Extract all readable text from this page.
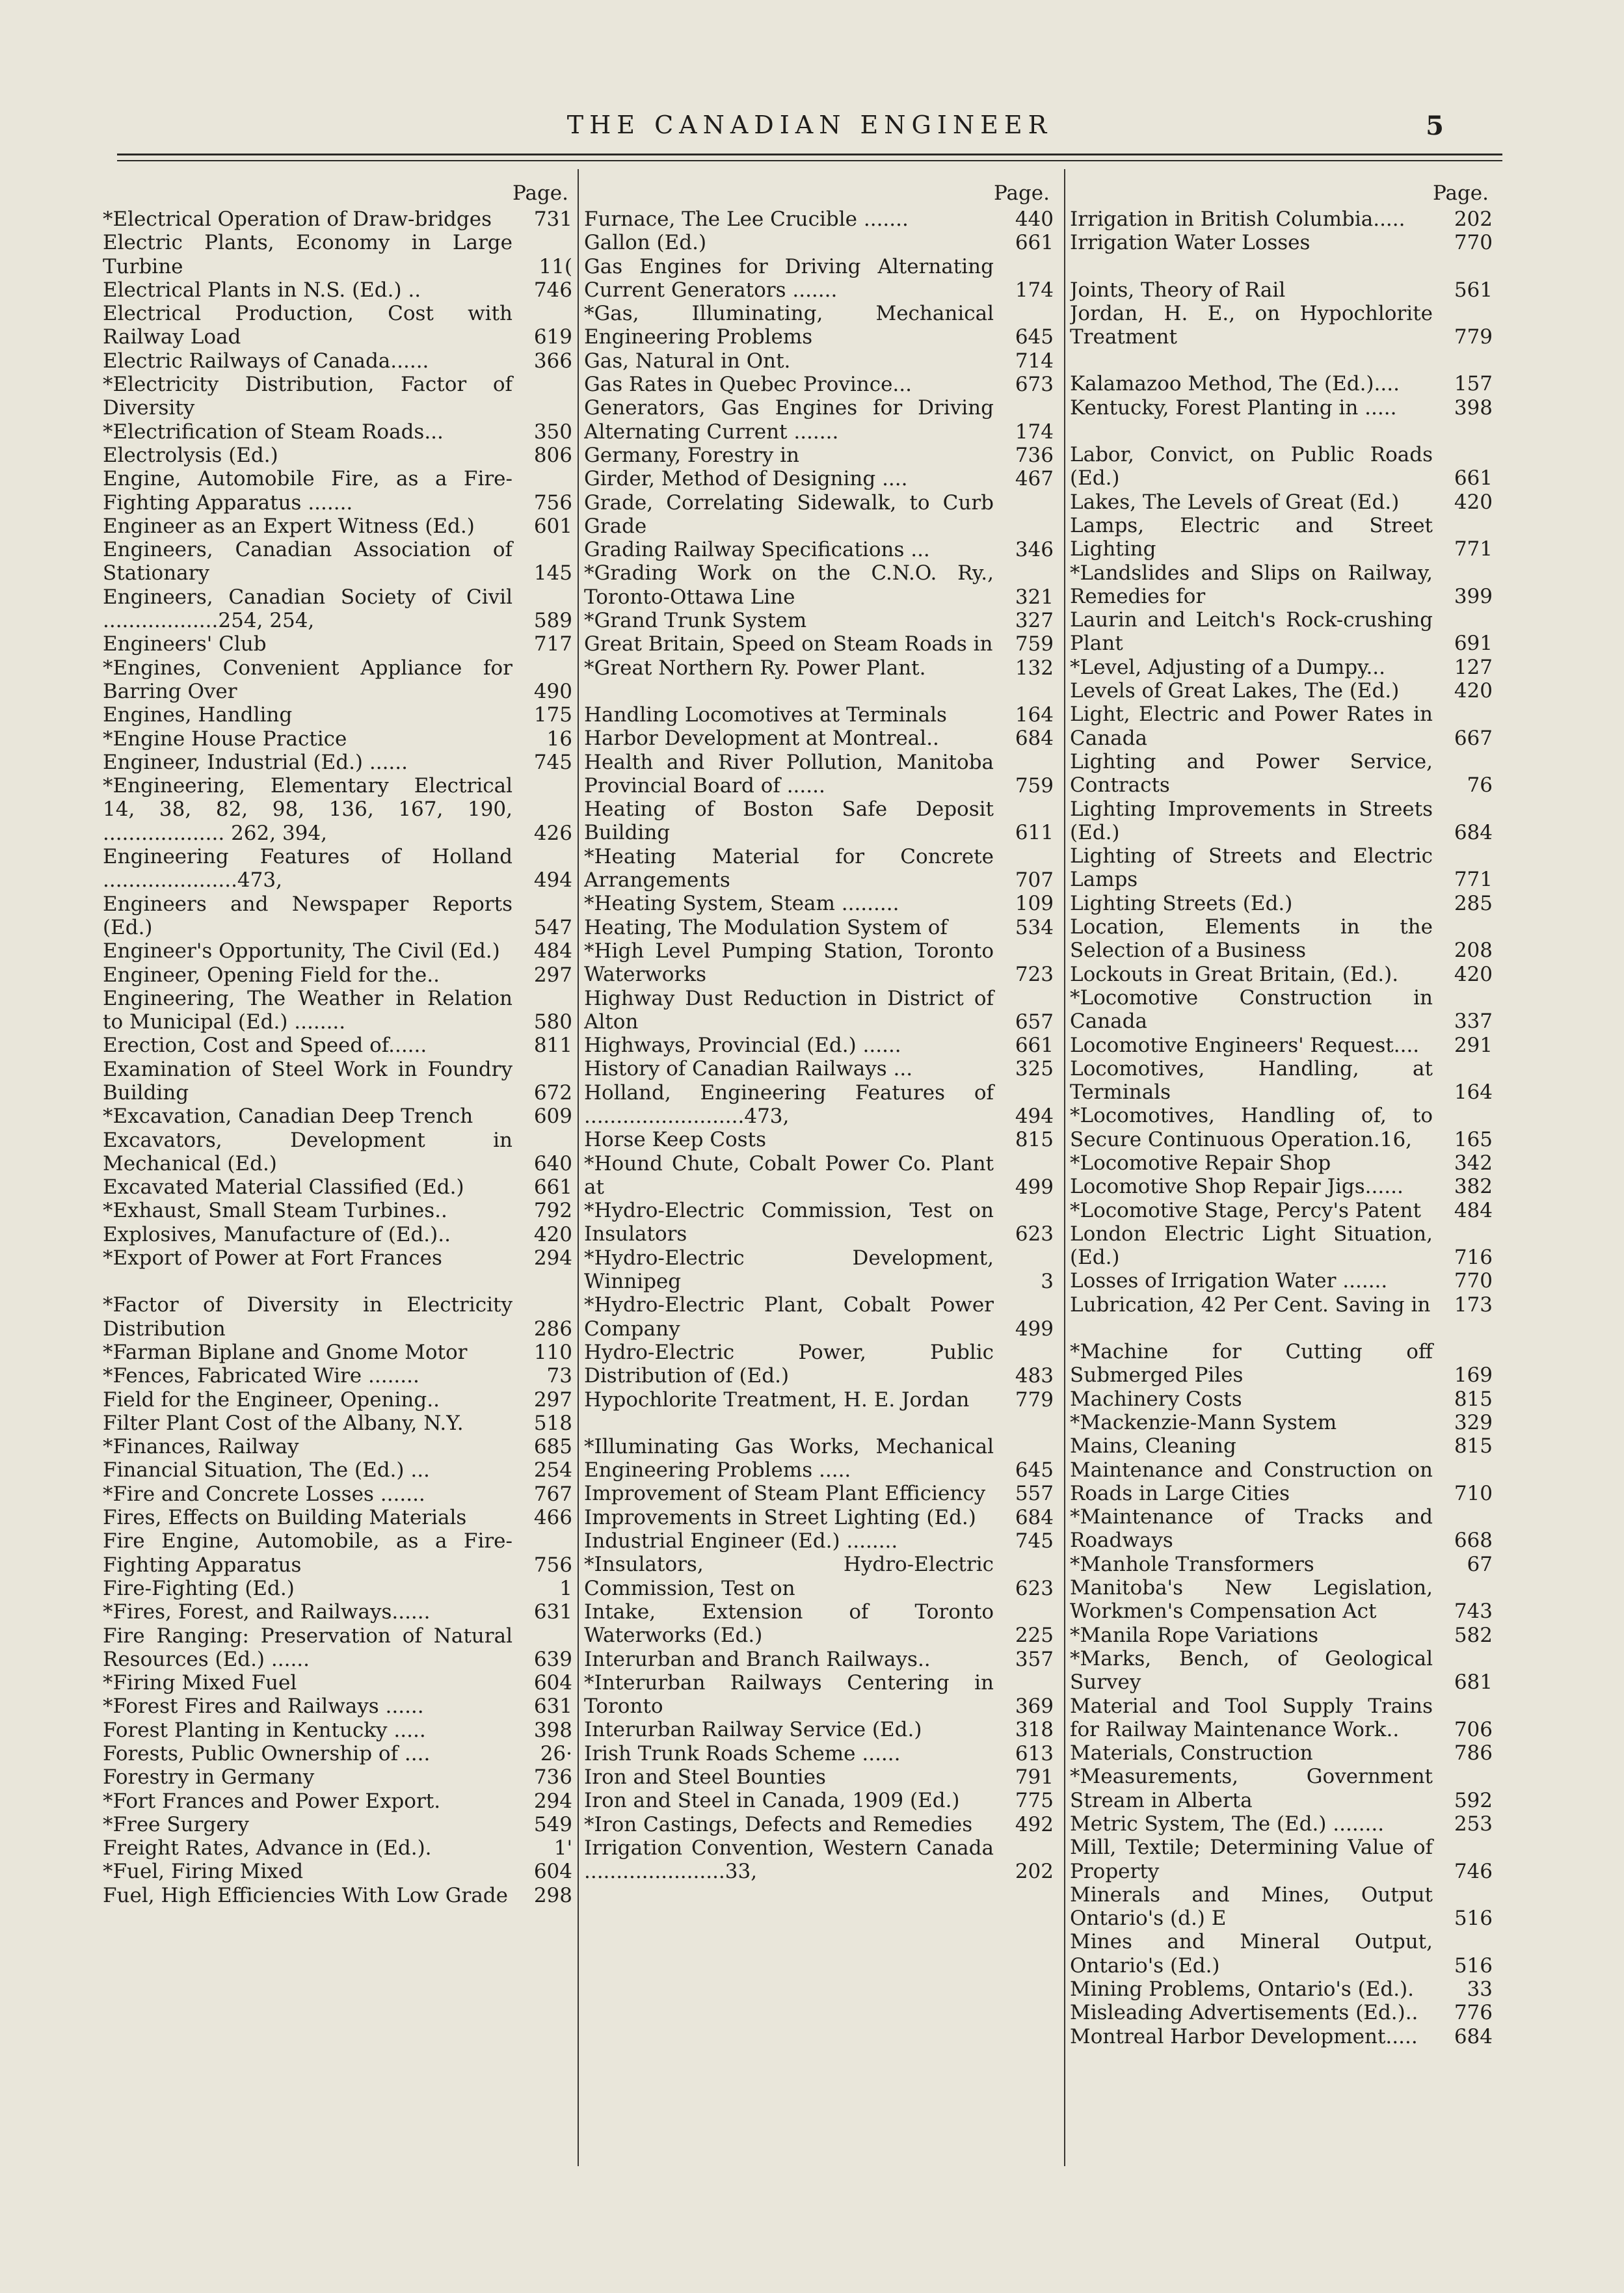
THE CANADIAN ENGINEER	5
Page.
*Electrical Operation of Draw-bridges	731
Electric Plants, Economy in Large Turbine	11(
Electrical Plants in N.S. (Ed.) ..	746
Electrical Production, Cost with Railway Load	619
Electric Railways of Canada......	366
*Electricity Distribution, Factor of Diversity
*Electrification of Steam Roads...	350
Electrolysis (Ed.)	806
Engine, Automobile Fire, as a Fire-Fighting Apparatus .......	756
Engineer as an Expert Witness (Ed.)	601
Engineers, Canadian Association of Stationary	145
Engineers, Canadian Society of Civil ..................254, 254,	589
Engineers' Club	717
*Engines, Convenient Appliance for Barring Over	490
Engines, Handling	175
*Engine House Practice	16
Engineer, Industrial (Ed.) ......	745
*Engineering, Elementary Electrical 14, 38, 82, 98, 136, 167, 190, ................... 262, 394,	426
Engineering Features of Holland .....................473,	494
Engineers and Newspaper Reports (Ed.)	547
Engineer's Opportunity, The Civil (Ed.)	484
Engineer, Opening Field for the..	297
Engineering, The Weather in Relation to Municipal (Ed.) ........	580
Erection, Cost and Speed of......	811
Examination of Steel Work in Foundry Building	672
*Excavation, Canadian Deep Trench	609
Excavators, Development in Mechanical (Ed.)	640
Excavated Material Classified (Ed.)	661
*Exhaust, Small Steam Turbines..	792
Explosives, Manufacture of (Ed.)..	420
*Export of Power at Fort Frances	294
*Factor of Diversity in Electricity Distribution	286
*Farman Biplane and Gnome Motor	110
*Fences, Fabricated Wire ........	73
Field for the Engineer, Opening..	297
Filter Plant Cost of the Albany, N.Y.	518
*Finances, Railway	685
Financial Situation, The (Ed.) ...	254
*Fire and Concrete Losses .......	767
Fires, Effects on Building Materials	466
Fire Engine, Automobile, as a Fire-Fighting Apparatus	756
Fire-Fighting (Ed.)	1
*Fires, Forest, and Railways......	631
Fire Ranging: Preservation of Natural Resources (Ed.) ......	639
*Firing Mixed Fuel	604
*Forest Fires and Railways ......	631
Forest Planting in Kentucky .....	398
Forests, Public Ownership of ....	26·
Forestry in Germany	736
*Fort Frances and Power Export.	294
*Free Surgery	549
Freight Rates, Advance in (Ed.).	1'
*Fuel, Firing Mixed	604
Fuel, High Efficiencies With Low Grade	298
Page.
Furnace, The Lee Crucible .......	440
Gallon (Ed.)	661
Gas Engines for Driving Alternating Current Generators .......	174
*Gas, Illuminating, Mechanical Engineering Problems	645
Gas, Natural in Ont.	714
Gas Rates in Quebec Province...	673
Generators, Gas Engines for Driving Alternating Current .......	174
Germany, Forestry in	736
Girder, Method of Designing ....	467
Grade, Correlating Sidewalk, to Curb Grade
Grading Railway Specifications ...	346
*Grading Work on the C.N.O. Ry., Toronto-Ottawa Line	321
*Grand Trunk System	327
Great Britain, Speed on Steam Roads in	759
*Great Northern Ry. Power Plant.	132
Handling Locomotives at Terminals	164
Harbor Development at Montreal..	684
Health and River Pollution, Manitoba Provincial Board of ......	759
Heating of Boston Safe Deposit Building	611
*Heating Material for Concrete Arrangements	707
*Heating System, Steam .........	109
Heating, The Modulation System of	534
*High Level Pumping Station, Toronto Waterworks	723
Highway Dust Reduction in District of Alton	657
Highways, Provincial (Ed.) ......	661
History of Canadian Railways ...	325
Holland, Engineering Features of .........................473,	494
Horse Keep Costs	815
*Hound Chute, Cobalt Power Co. Plant at	499
*Hydro-Electric Commission, Test on Insulators	623
*Hydro-Electric Development, Winnipeg	3
*Hydro-Electric Plant, Cobalt Power Company	499
Hydro-Electric Power, Public Distribution of (Ed.)	483
Hypochlorite Treatment, H. E. Jordan	779
*Illuminating Gas Works, Mechanical Engineering Problems .....	645
Improvement of Steam Plant Efficiency	557
Improvements in Street Lighting (Ed.)	684
Industrial Engineer (Ed.) ........	745
*Insulators, Hydro-Electric Commission, Test on	623
Intake, Extension of Toronto Waterworks (Ed.)	225
Interurban and Branch Railways..	357
*Interurban Railways Centering in Toronto	369
Interurban Railway Service (Ed.)	318
Irish Trunk Roads Scheme ......	613
Iron and Steel Bounties	791
Iron and Steel in Canada, 1909 (Ed.)	775
*Iron Castings, Defects and Remedies	492
Irrigation Convention, Western Canada ......................33,	202
Page.
Irrigation in British Columbia.....	202
Irrigation Water Losses	770
Joints, Theory of Rail	561
Jordan, H. E., on Hypochlorite Treatment	779
Kalamazoo Method, The (Ed.)....	157
Kentucky, Forest Planting in .....	398
Labor, Convict, on Public Roads (Ed.)	661
Lakes, The Levels of Great (Ed.)	420
Lamps, Electric and Street Lighting	771
*Landslides and Slips on Railway, Remedies for	399
Laurin and Leitch's Rock-crushing Plant	691
*Level, Adjusting of a Dumpy...	127
Levels of Great Lakes, The (Ed.)	420
Light, Electric and Power Rates in Canada	667
Lighting and Power Service, Contracts	76
Lighting Improvements in Streets (Ed.)	684
Lighting of Streets and Electric Lamps	771
Lighting Streets (Ed.)	285
Location, Elements in the Selection of a Business	208
Lockouts in Great Britain, (Ed.).	420
*Locomotive Construction in Canada	337
Locomotive Engineers' Request....	291
Locomotives, Handling, at Terminals	164
*Locomotives, Handling of, to Secure Continuous Operation.16,	165
*Locomotive Repair Shop	342
Locomotive Shop Repair Jigs......	382
*Locomotive Stage, Percy's Patent	484
London Electric Light Situation, (Ed.)	716
Losses of Irrigation Water .......	770
Lubrication, 42 Per Cent. Saving in	173
*Machine for Cutting off Submerged Piles	169
Machinery Costs	815
*Mackenzie-Mann System	329
Mains, Cleaning	815
Maintenance and Construction on Roads in Large Cities	710
*Maintenance of Tracks and Roadways	668
*Manhole Transformers	67
Manitoba's New Legislation, Workmen's Compensation Act	743
*Manila Rope Variations	582
*Marks, Bench, of Geological Survey	681
Material and Tool Supply Trains for Railway Maintenance Work..	706
Materials, Construction	786
*Measurements, Government Stream in Alberta	592
Metric System, The (Ed.) ........	253
Mill, Textile; Determining Value of Property	746
Minerals and Mines, Output Ontario's (d.) E	516
Mines and Mineral Output, Ontario's (Ed.)	516
Mining Problems, Ontario's (Ed.).	33
Misleading Advertisements (Ed.)..	776
Montreal Harbor Development.....	684
